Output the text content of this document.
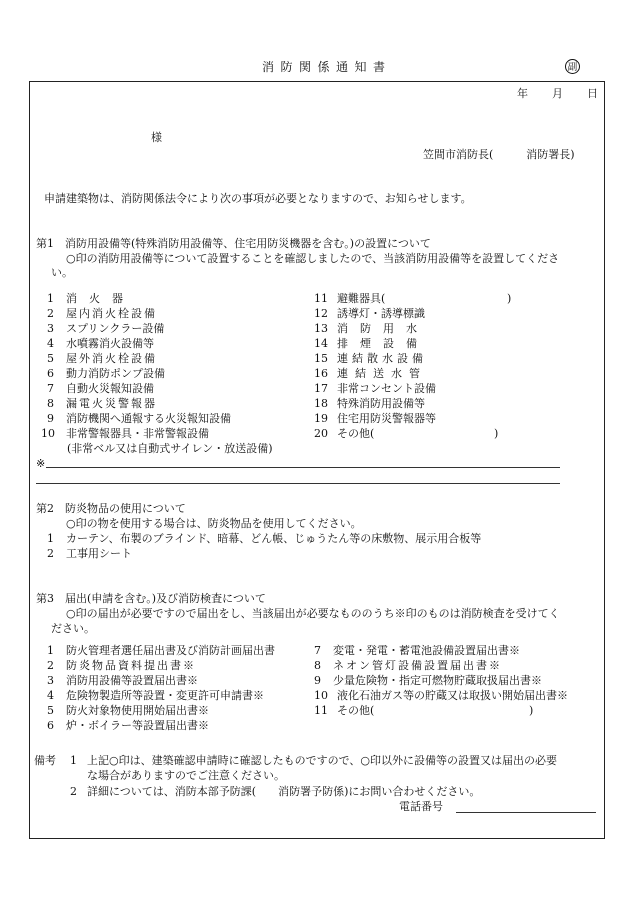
消防関係通知書	副
年 月 日
様
笠間市消防長(　　　消防署長)
申請建築物は、消防関係法令により次の事項が必要となりますので、お知らせします。
第1　消防用設備等(特殊消防用設備等、住宅用防災機器を含む。)の設置について
○印の消防用設備等について設置することを確認しましたので、当該消防用設備等を設置してくださ
い。
1 消火器
2 屋内消火栓設備
3 スプリンクラー設備
4 水噴霧消火設備等
5 屋外消火栓設備
6 動力消防ポンプ設備
7 自動火災報知設備
8 漏電火災警報器
9 消防機関へ通報する火災報知設備
10 非常警報器具・非常警報設備
(非常ベル又は自動式サイレン・放送設備)
11 避難器具(	)
12 誘導灯・誘導標識
13 消防用水
14 排煙設備
15 連結散水設備
16 連結送水管
17 非常コンセント設備
18 特殊消防用設備等
19 住宅用防災警報器等
20 その他(	)
※
第2　防炎物品の使用について
○印の物を使用する場合は、防炎物品を使用してください。
1 カーテン、布製のブラインド、暗幕、どん帳、じゅうたん等の床敷物、展示用合板等
2 工事用シート
第3　届出(申請を含む。)及び消防検査について
○印の届出が必要ですので届出をし、当該届出が必要なもののうち※印のものは消防検査を受けてく
ださい。
1 防火管理者選任届出書及び消防計画届出書
2 防炎物品資料提出書※
3 消防用設備等設置届出書※
4 危険物製造所等設置・変更許可申請書※
5 防火対象物使用開始届出書※
6 炉・ボイラー等設置届出書※
7 変電・発電・蓄電池設備設置届出書※
8 ネオン管灯設備設置届出書※
9 少量危険物・指定可燃物貯蔵取扱届出書※
10 液化石油ガス等の貯蔵又は取扱い開始届出書※
11 その他(	)
備考 1 上記○印は、建築確認申請時に確認したものですので、○印以外に設備等の設置又は届出の必要
な場合がありますのでご注意ください。
2 詳細については、消防本部予防課(　　消防署予防係)にお問い合わせください。
電話番号
